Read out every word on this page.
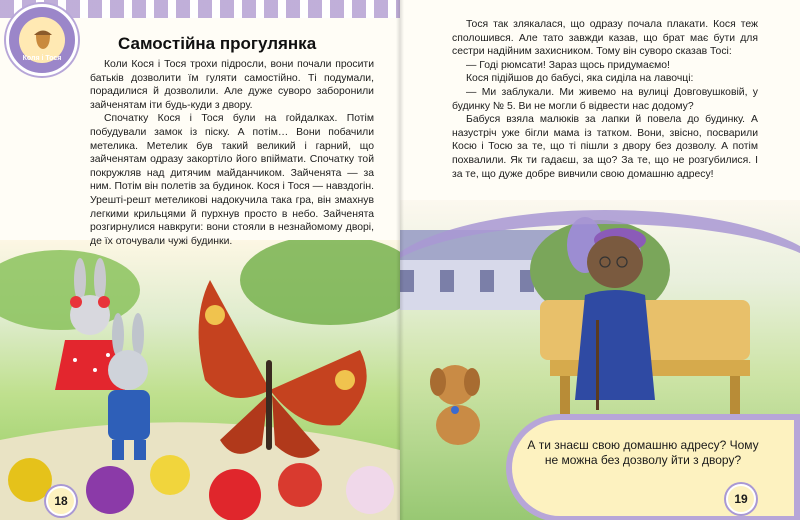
Коля і Тося
Самостійна прогулянка

Коли Кося і Тося трохи підросли, вони почали просити батьків дозволити їм гуляти самостійно. Ті подумали, порадилися й дозволили. Але дуже суворо заборонили зайченятам іти будь-куди з двору.

Спочатку Кося і Тося були на гойдалках. Потім побудували замок із піску. А потім… Вони побачили метелика. Метелик був такий великий і гарний, що зайченятам одразу закортіло його впіймати. Спочатку той покружляв над дитячим майданчиком. Зайченята — за ним. Потім він полетів за будинок. Кося і Тося — навздогін. Урешті-решт метеликові надокучила така гра, він змахнув легкими крильцями й пурхнув просто в небо. Зайченята розгирнулися навкруги: вони стояли в незнайомому дворі, де їх оточували чужі будинки.

18

Тося так злякалася, що одразу почала плакати. Кося теж сполошився. Але тато завжди казав, що брат має бути для сестри надійним захисником. Тому він суворо сказав Тосі:

— Годі рюмсати! Зараз щось придумаємо!

Кося підійшов до бабусі, яка сиділа на лавочці:

— Ми заблукали. Ми живемо на вулиці Довговушковій, у будинку № 5. Ви не могли б відвести нас додому?

Бабуся взяла малюків за лапки й повела до будинку. А назустріч уже бігли мама із татком. Вони, звісно, посварили Косю і Тосю за те, що ті пішли з двору без дозволу. А потім похвалили. Як ти гадаєш, за що? За те, що не розгубилися. І за те, що дуже добре вивчили свою домашню адресу!

А ти знаєш свою домашню адресу? Чому не можна без дозволу йти з двору?
19
